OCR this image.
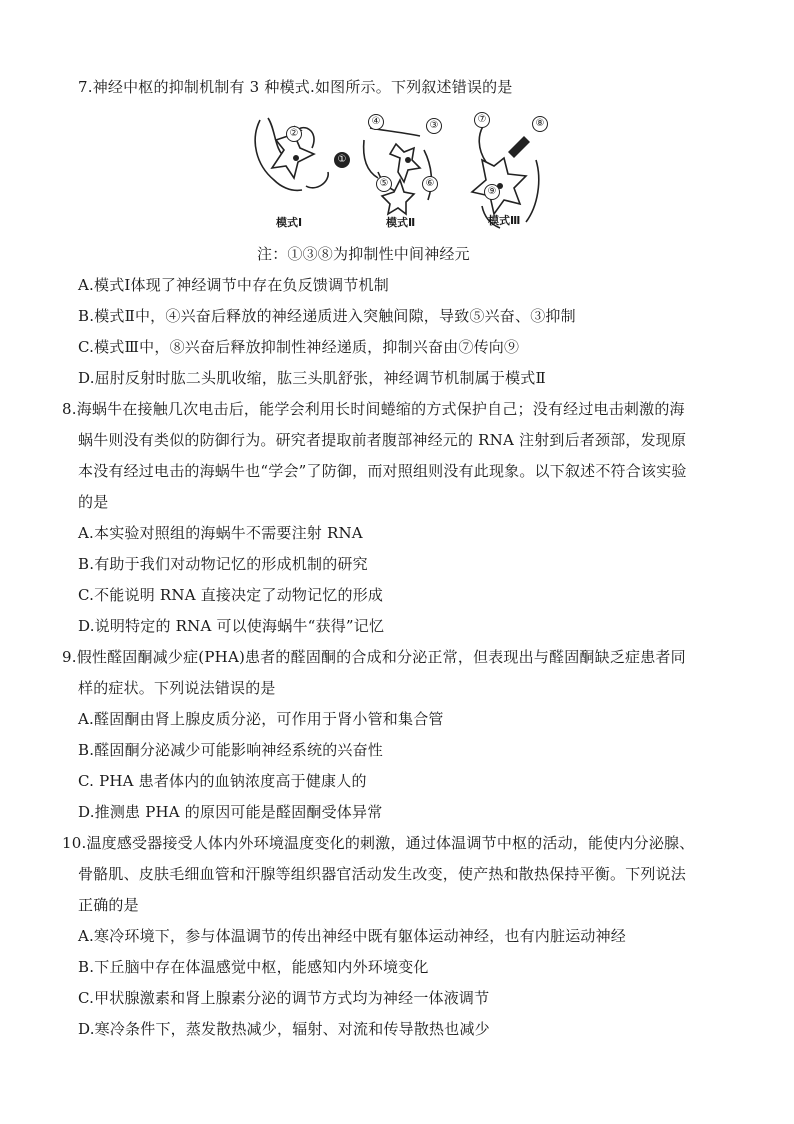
7.神经中枢的抑制机制有 3 种模式.如图所示。下列叙述错误的是
②
①
④	③
⑤	⑥
⑦	⑧
⑨
模式Ⅰ	模式Ⅱ	模式Ⅲ
注：①③⑧为抑制性中间神经元
A.模式Ⅰ体现了神经调节中存在负反馈调节机制
B.模式Ⅱ中，④兴奋后释放的神经递质进入突触间隙，导致⑤兴奋、③抑制
C.模式Ⅲ中，⑧兴奋后释放抑制性神经递质，抑制兴奋由⑦传向⑨
D.屈肘反射时肱二头肌收缩，肱三头肌舒张，神经调节机制属于模式Ⅱ
8.海蜗牛在接触几次电击后，能学会利用长时间蜷缩的方式保护自己；没有经过电击刺激的海
蜗牛则没有类似的防御行为。研究者提取前者腹部神经元的 RNA 注射到后者颈部，发现原
本没有经过电击的海蜗牛也“学会”了防御，而对照组则没有此现象。以下叙述不符合该实验
的是
A.本实验对照组的海蜗牛不需要注射 RNA
B.有助于我们对动物记忆的形成机制的研究
C.不能说明 RNA 直接决定了动物记忆的形成
D.说明特定的 RNA 可以使海蜗牛“获得”记忆
9.假性醛固酮减少症(PHA)患者的醛固酮的合成和分泌正常，但表现出与醛固酮缺乏症患者同
样的症状。下列说法错误的是
A.醛固酮由肾上腺皮质分泌，可作用于肾小管和集合管
B.醛固酮分泌减少可能影响神经系统的兴奋性
C. PHA 患者体内的血钠浓度高于健康人的
D.推测患 PHA 的原因可能是醛固酮受体异常
10.温度感受器接受人体内外环境温度变化的刺激，通过体温调节中枢的活动，能使内分泌腺、
骨骼肌、皮肤毛细血管和汗腺等组织器官活动发生改变，使产热和散热保持平衡。下列说法
正确的是
A.寒冷环境下，参与体温调节的传出神经中既有躯体运动神经，也有内脏运动神经
B.下丘脑中存在体温感觉中枢，能感知内外环境变化
C.甲状腺激素和肾上腺素分泌的调节方式均为神经一体液调节
D.寒冷条件下，蒸发散热减少，辐射、对流和传导散热也减少
